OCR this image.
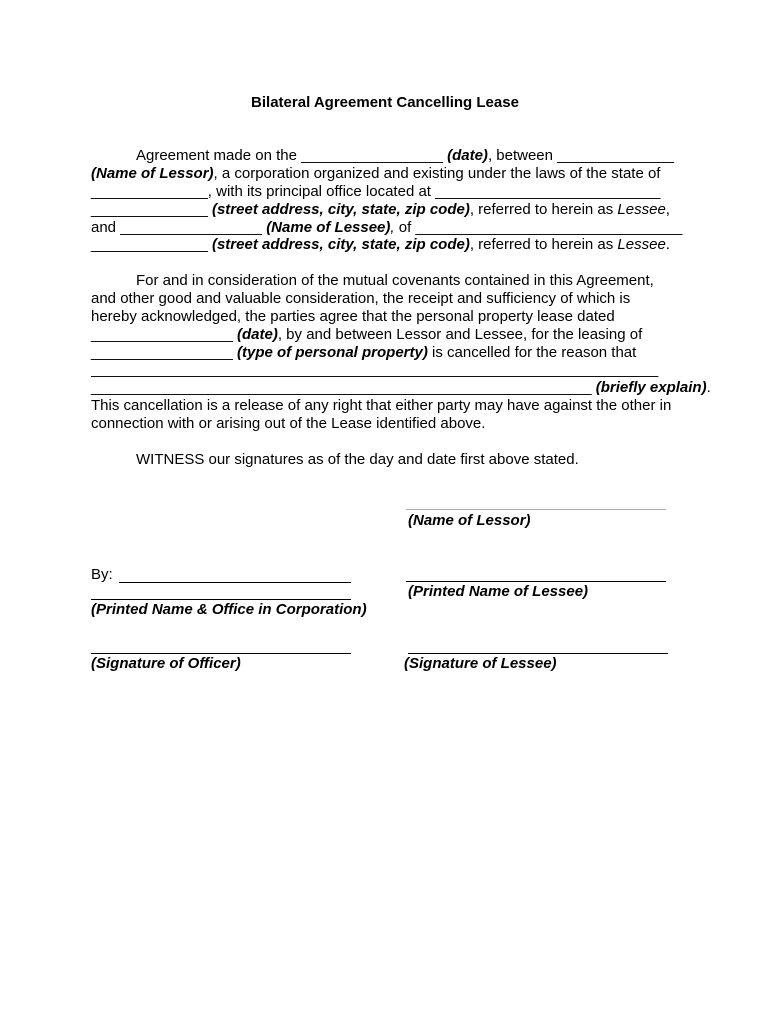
Bilateral Agreement Cancelling Lease
Agreement made on the _________________ (date), between ______________
(Name of Lessor), a corporation organized and existing under the laws of the state of
______________, with its principal office located at ___________________________
______________ (street address, city, state, zip code), referred to herein as Lessee,
and _________________ (Name of Lessee), of ________________________________
______________ (street address, city, state, zip code), referred to herein as Lessee.
For and in consideration of the mutual covenants contained in this Agreement,
and other good and valuable consideration, the receipt and sufficiency of which is
hereby acknowledged, the parties agree that the personal property lease dated
_________________ (date), by and between Lessor and Lessee, for the leasing of
_________________ (type of personal property) is cancelled for the reason that
____________________________________________________________________
____________________________________________________________ (briefly explain).
This cancellation is a release of any right that either party may have against the other in
connection with or arising out of the Lease identified above.
WITNESS our signatures as of the day and date first above stated.
(Name of Lessor)
By:
(Printed Name & Office in Corporation)
(Printed Name of Lessee)
(Signature of Officer)	(Signature of Lessee)
